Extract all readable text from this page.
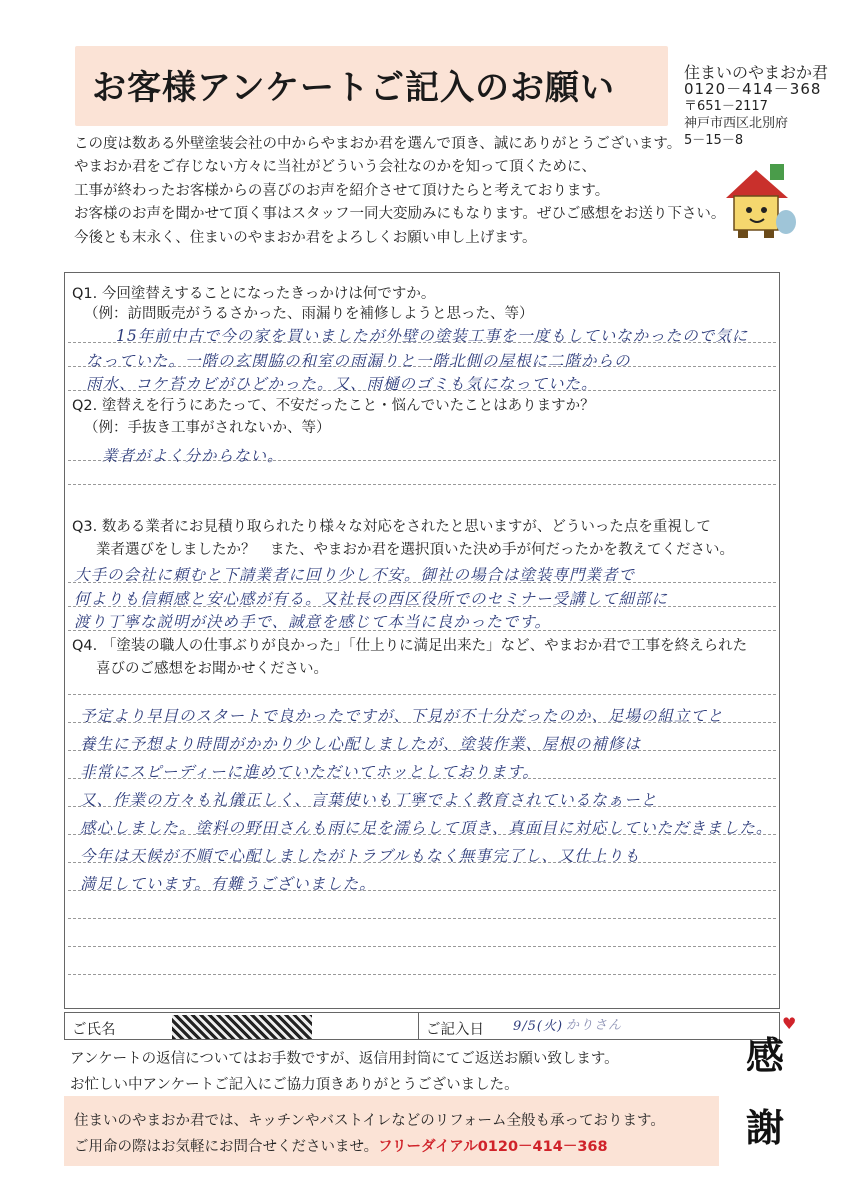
お客様アンケートご記入のお願い	住まいのやまおか君
0120－414－368
〒651－2117
神戸市西区北別府
5－15－8
この度は数ある外壁塗装会社の中からやまおか君を選んで頂き、誠にありがとうございます。
やまおか君をご存じない方々に当社がどういう会社なのかを知って頂くために、
工事が終わったお客様からの喜びのお声を紹介させて頂けたらと考えております。
お客様のお声を聞かせて頂く事はスタッフ一同大変励みにもなります。ぜひご感想をお送り下さい。
今後とも末永く、住まいのやまおか君をよろしくお願い申し上げます。
Q1. 今回塗替えすることになったきっかけは何ですか。
（例：訪問販売がうるさかった、雨漏りを補修しようと思った、等）
15年前中古で今の家を買いましたが外壁の塗装工事を一度もしていなかったので気に
なっていた。一階の玄関脇の和室の雨漏りと一階北側の屋根に二階からの
雨水、コケ苔カビがひどかった。又、雨樋のゴミも気になっていた。
Q2. 塗替えを行うにあたって、不安だったこと・悩んでいたことはありますか？
（例：手抜き工事がされないか、等）
業者がよく分からない。
Q3. 数ある業者にお見積り取られたり様々な対応をされたと思いますが、どういった点を重視して
業者選びをしましたか？　また、やまおか君を選択頂いた決め手が何だったかを教えてください。
大手の会社に頼むと下請業者に回り少し不安。御社の場合は塗装専門業者で
何よりも信頼感と安心感が有る。又社長の西区役所でのセミナー受講して細部に
渡り丁寧な説明が決め手で、誠意を感じて本当に良かったです。
Q4. 「塗装の職人の仕事ぶりが良かった」「仕上りに満足出来た」など、やまおか君で工事を終えられた
喜びのご感想をお聞かせください。
予定より早目のスタートで良かったですが、下見が不十分だったのか、足場の組立てと
養生に予想より時間がかかり少し心配しましたが、塗装作業、屋根の補修は
非常にスピーディーに進めていただいてホッとしております。
又、作業の方々も礼儀正しく、言葉使いも丁寧でよく教育されているなぁーと
感心しました。塗料の野田さんも雨に足を濡らして頂き、真面目に対応していただきました。
今年は天候が不順で心配しましたがトラブルもなく無事完了し、又仕上りも
満足しています。有難うございました。
ご氏名	ご記入日 9/5(火) かりさん
アンケートの返信についてはお手数ですが、返信用封筒にてご返送お願い致します。
お忙しい中アンケートご記入にご協力頂きありがとうございました。
住まいのやまおか君では、キッチンやバストイレなどのリフォーム全般も承っております。
ご用命の際はお気軽にお問合せくださいませ。フリーダイアル0120－414－368
感
謝
♥
